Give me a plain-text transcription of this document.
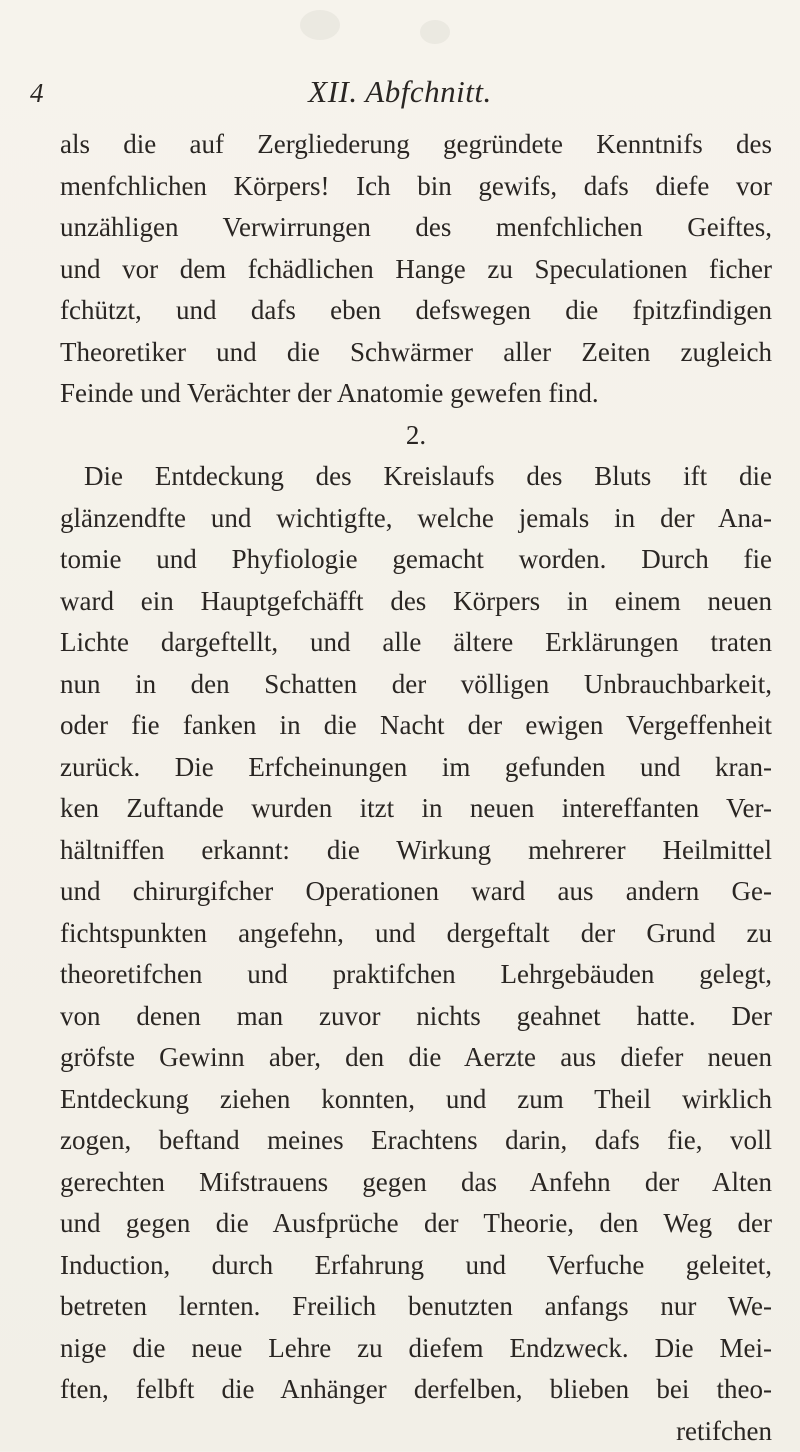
4	XII. Abfchnitt.
als die auf Zergliederung gegründete Kenntnifs des
menfchlichen Körpers! Ich bin gewifs, dafs diefe vor
unzähligen Verwirrungen des menfchlichen Geiftes,
und vor dem fchädlichen Hange zu Speculationen ficher
fchützt, und dafs eben defswegen die fpitzfindigen
Theoretiker und die Schwärmer aller Zeiten zugleich
Feinde und Verächter der Anatomie gewefen find.
2.
Die Entdeckung des Kreislaufs des Bluts ift die
glänzendfte und wichtigfte, welche jemals in der Ana-
tomie und Phyfiologie gemacht worden. Durch fie
ward ein Hauptgefchäfft des Körpers in einem neuen
Lichte dargeftellt, und alle ältere Erklärungen traten
nun in den Schatten der völligen Unbrauchbarkeit,
oder fie fanken in die Nacht der ewigen Vergeffenheit
zurück. Die Erfcheinungen im gefunden und kran-
ken Zuftande wurden itzt in neuen intereffanten Ver-
hältniffen erkannt: die Wirkung mehrerer Heilmittel
und chirurgifcher Operationen ward aus andern Ge-
fichtspunkten angefehn, und dergeftalt der Grund zu
theoretifchen und praktifchen Lehrgebäuden gelegt,
von denen man zuvor nichts geahnet hatte. Der
gröfste Gewinn aber, den die Aerzte aus diefer neuen
Entdeckung ziehen konnten, und zum Theil wirklich
zogen, beftand meines Erachtens darin, dafs fie, voll
gerechten Mifstrauens gegen das Anfehn der Alten
und gegen die Ausfprüche der Theorie, den Weg der
Induction, durch Erfahrung und Verfuche geleitet,
betreten lernten. Freilich benutzten anfangs nur We-
nige die neue Lehre zu diefem Endzweck. Die Mei-
ften, felbft die Anhänger derfelben, blieben bei theo-
retifchen
